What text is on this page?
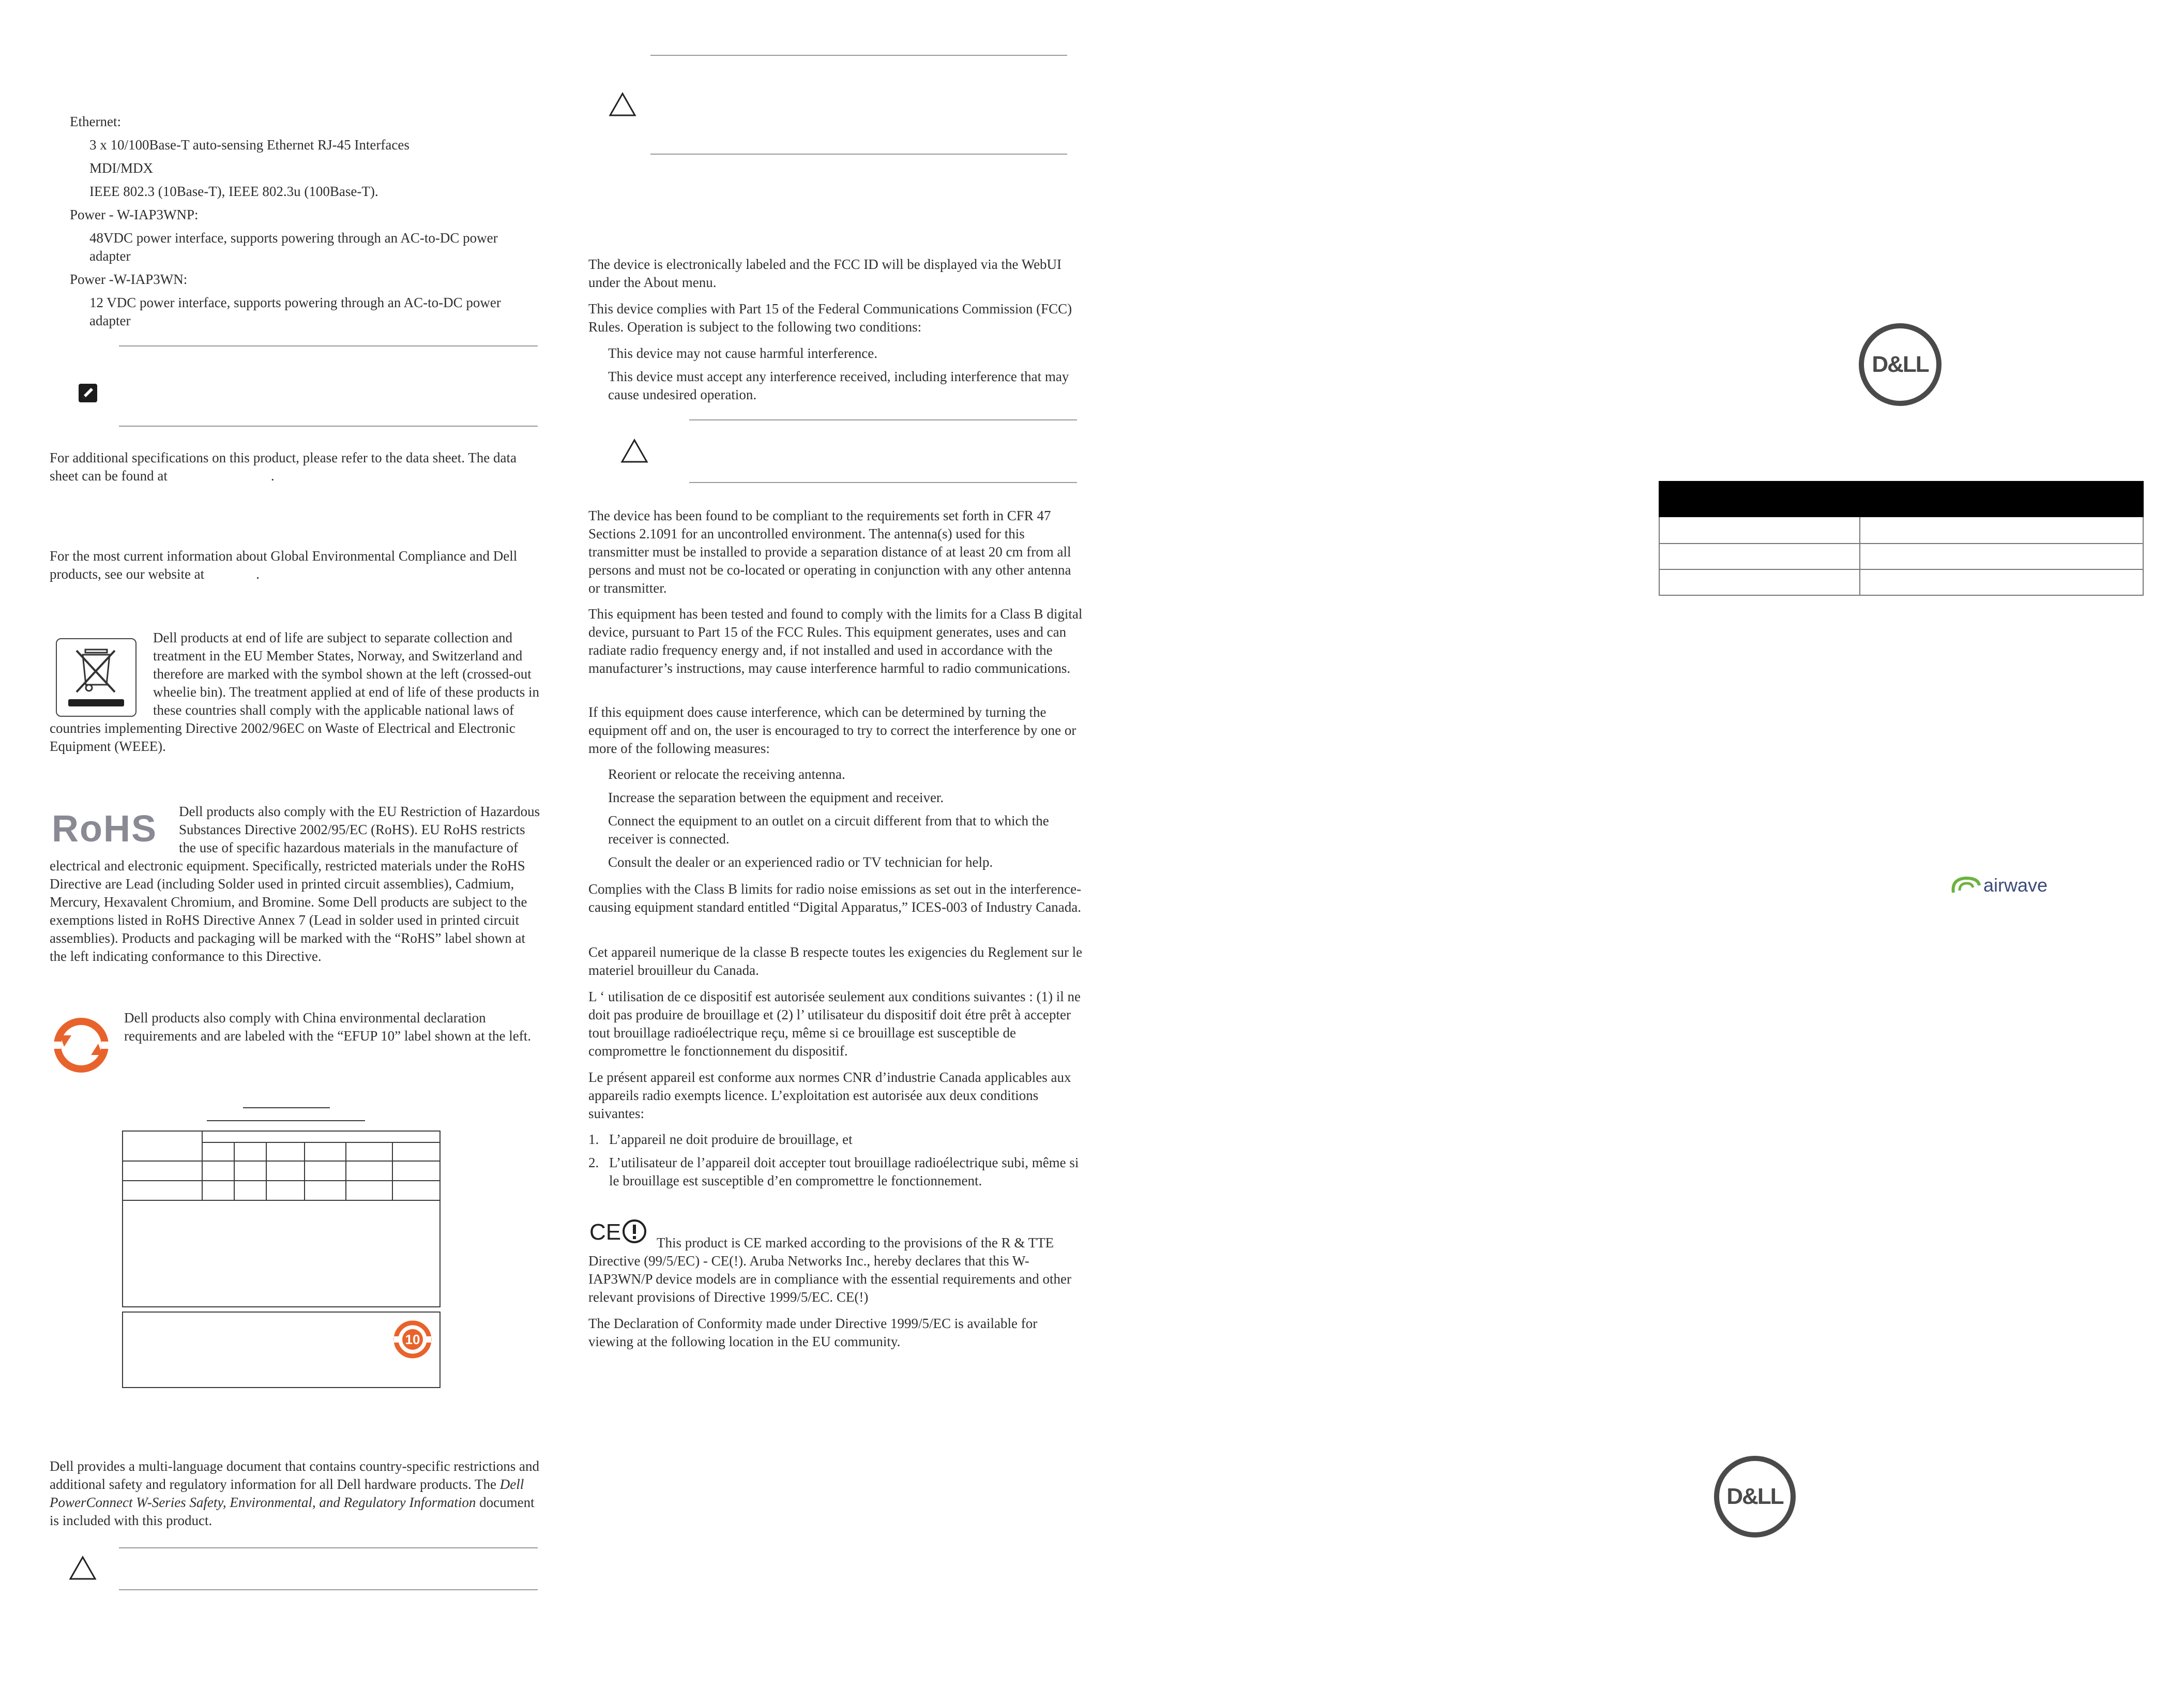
Ethernet:

3 x 10/100Base-T auto-sensing Ethernet RJ-45 Interfaces

MDI/MDX

IEEE 802.3 (10Base-T), IEEE 802.3u (100Base-T).

Power - W-IAP3WNP:

48VDC power interface, supports powering through an AC-to-DC power adapter

Power -W-IAP3WN:

12 VDC power interface, supports powering through an AC-to-DC power adapter

For additional specifications on this product, please refer to the data sheet. The data sheet can be found at	.

For the most current information about Global Environmental Compliance and Dell products, see our website at	.

Dell products at end of life are subject to separate collection and treatment in the EU Member States, Norway, and Switzerland and therefore are marked with the symbol shown at the left (crossed-out wheelie bin). The treatment applied at end of life of these products in these countries shall comply with the applicable national laws of countries implementing Directive 2002/96EC on Waste of Electrical and Electronic Equipment (WEEE).
RoHS	Dell products also comply with the EU Restriction of Hazardous Substances Directive 2002/95/EC (RoHS). EU RoHS restricts the use of specific hazardous materials in the manufacture of electrical and electronic equipment. Specifically, restricted materials under the RoHS Directive are Lead (including Solder used in printed circuit assemblies), Cadmium, Mercury, Hexavalent Chromium, and Bromine. Some Dell products are subject to the exemptions listed in RoHS Directive Annex 7 (Lead in solder used in printed circuit assemblies). Products and packaging will be marked with the “RoHS” label shown at the left indicating conformance to this Directive.
Dell products also comply with China environmental declaration requirements and are labeled with the “EFUP 10” label shown at the left.

10

Dell provides a multi-language document that contains country-specific restrictions and additional safety and regulatory information for all Dell hardware products. The Dell PowerConnect W-Series Safety, Environmental, and Regulatory Information document is included with this product.

The device is electronically labeled and the FCC ID will be displayed via the WebUI under the About menu.

This device complies with Part 15 of the Federal Communications Commission (FCC) Rules. Operation is subject to the following two conditions:

This device may not cause harmful interference.

This device must accept any interference received, including interference that may cause undesired operation.

The device has been found to be compliant to the requirements set forth in CFR 47 Sections 2.1091 for an uncontrolled environment. The antenna(s) used for this transmitter must be installed to provide a separation distance of at least 20 cm from all persons and must not be co-located or operating in conjunction with any other antenna or transmitter.

This equipment has been tested and found to comply with the limits for a Class B digital device, pursuant to Part 15 of the FCC Rules. This equipment generates, uses and can radiate radio frequency energy and, if not installed and used in accordance with the manufacturer’s instructions, may cause interference harmful to radio communications.

If this equipment does cause interference, which can be determined by turning the equipment off and on, the user is encouraged to try to correct the interference by one or more of the following measures:

Reorient or relocate the receiving antenna.

Increase the separation between the equipment and receiver.

Connect the equipment to an outlet on a circuit different from that to which the receiver is connected.

Consult the dealer or an experienced radio or TV technician for help.

Complies with the Class B limits for radio noise emissions as set out in the interference-causing equipment standard entitled “Digital Apparatus,” ICES-003 of Industry Canada.

Cet appareil numerique de la classe B respecte toutes les exigencies du Reglement sur le materiel brouilleur du Canada.

L ‘ utilisation de ce dispositif est autorisée seulement aux conditions suivantes : (1) il ne doit pas produire de brouillage et (2) l’ utilisateur du dispositif doit étre prêt à accepter tout brouillage radioélectrique reçu, même si ce brouillage est susceptible de compromettre le fonctionnement du dispositif.

Le présent appareil est conforme aux normes CNR d’industrie Canada applicables aux appareils radio exempts licence. L’exploitation est autorisée aux deux conditions suivantes:

1. L’appareil ne doit produire de brouillage, et
2. L’utilisateur de l’appareil doit accepter tout brouillage radioélectrique subi, même si le brouillage est susceptible d’en compromettre le fonctionnement.
CE	This product is CE marked according to the provisions of the R & TTE Directive (99/5/EC) - CE(!). Aruba Networks Inc., hereby declares that this W-IAP3WN/P device models are in compliance with the essential requirements and other relevant provisions of Directive 1999/5/EC. CE(!)

The Declaration of Conformity made under Directive 1999/5/EC is available for viewing at the following location in the EU community.

D&LL

airwave
D&LL
